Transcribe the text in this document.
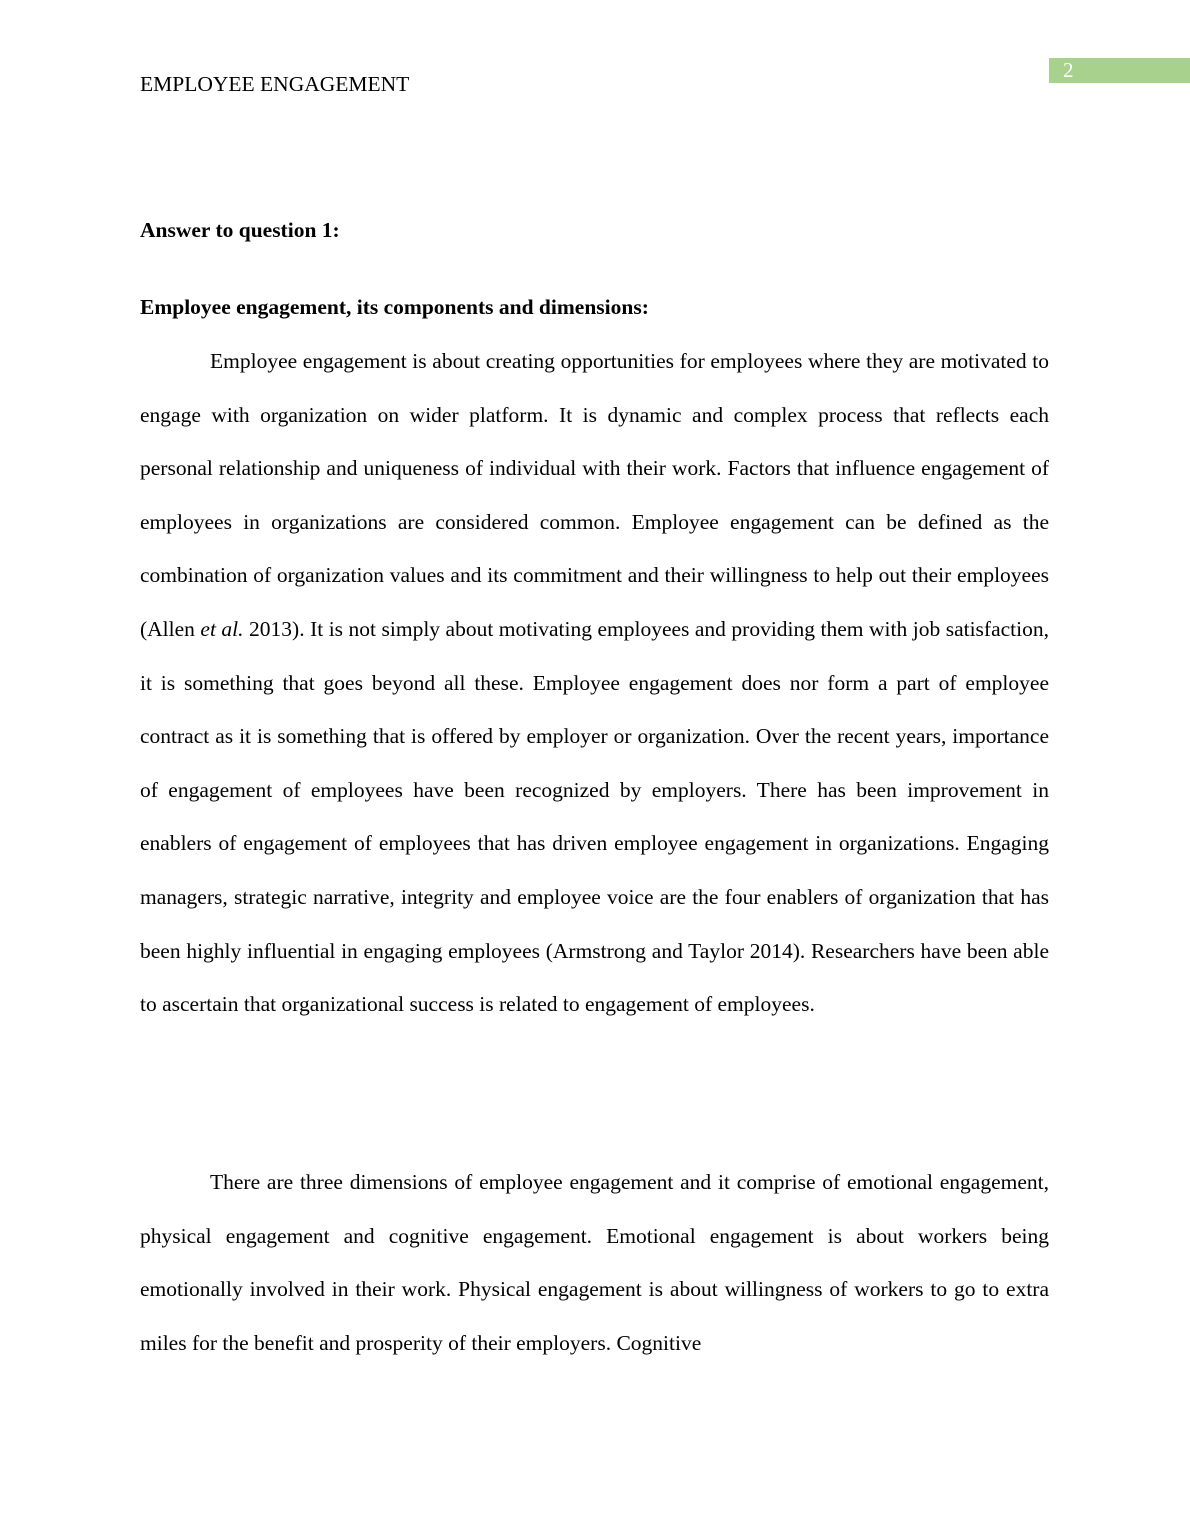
2
EMPLOYEE ENGAGEMENT
Answer to question 1:
Employee engagement, its components and dimensions:

Employee engagement is about creating opportunities for employees where they are motivated to engage with organization on wider platform. It is dynamic and complex process that reflects each personal relationship and uniqueness of individual with their work. Factors that influence engagement of employees in organizations are considered common. Employee engagement can be defined as the combination of organization values and its commitment and their willingness to help out their employees (Allen et al. 2013). It is not simply about motivating employees and providing them with job satisfaction, it is something that goes beyond all these. Employee engagement does nor form a part of employee contract as it is something that is offered by employer or organization. Over the recent years, importance of engagement of employees have been recognized by employers. There has been improvement in enablers of engagement of employees that has driven employee engagement in organizations. Engaging managers, strategic narrative, integrity and employee voice are the four enablers of organization that has been highly influential in engaging employees (Armstrong and Taylor 2014). Researchers have been able to ascertain that organizational success is related to engagement of employees.

There are three dimensions of employee engagement and it comprise of emotional engagement, physical engagement and cognitive engagement. Emotional engagement is about workers being emotionally involved in their work. Physical engagement is about willingness of workers to go to extra miles for the benefit and prosperity of their employers. Cognitive
